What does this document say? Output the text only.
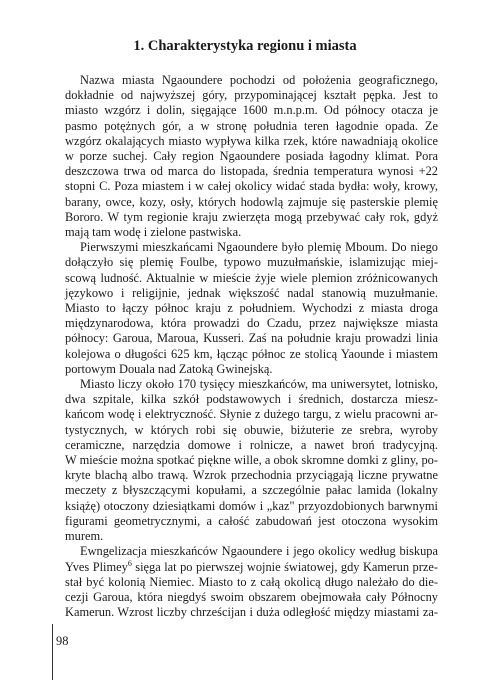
1. Charakterystyka regionu i miasta

Nazwa miasta Ngaoundere pochodzi od położenia geograficznego,
dokładnie od najwyższej góry, przypominającej kształt pępka. Jest to
miasto wzgórz i dolin, sięgające 1600 m.n.p.m. Od północy otacza je
pasmo potężnych gór, a w stronę południa teren łagodnie opada. Ze
wzgórz okalających miasto wypływa kilka rzek, które nawadniają okolice
w porze suchej. Cały region Ngaoundere posiada łagodny klimat. Pora
deszczowa trwa od marca do listopada, średnia temperatura wynosi +22
stopni C. Poza miastem i w całej okolicy widać stada bydła: woły, krowy,
barany, owce, kozy, osły, których hodowlą zajmuje się pasterskie plemię
Bororo. W tym regionie kraju zwierzęta mogą przebywać cały rok, gdyż
mają tam wodę i zielone pastwiska.

Pierwszymi mieszkańcami Ngaoundere było plemię Mboum. Do niego
dołączyło się plemię Foulbe, typowo muzułmańskie, islamizując miej-
scową ludność. Aktualnie w mieście żyje wiele plemion zróżnicowanych
językowo i religijnie, jednak większość nadal stanowią muzułmanie.
Miasto to łączy północ kraju z południem. Wychodzi z miasta droga
międzynarodowa, która prowadzi do Czadu, przez największe miasta
północy: Garoua, Maroua, Kusseri. Zaś na południe kraju prowadzi linia
kolejowa o długości 625 km, łącząc północ ze stolicą Yaounde i miastem
portowym Douala nad Zatoką Gwinejską.

Miasto liczy około 170 tysięcy mieszkańców, ma uniwersytet, lotnisko,
dwa szpitale, kilka szkół podstawowych i średnich, dostarcza miesz-
kańcom wodę i elektryczność. Słynie z dużego targu, z wielu pracowni ar-
tystycznych, w których robi się obuwie, biżuterie ze srebra, wyroby
ceramiczne, narzędzia domowe i rolnicze, a nawet broń tradycyjną.
W mieście można spotkać piękne wille, a obok skromne domki z gliny, po-
kryte blachą albo trawą. Wzrok przechodnia przyciągają liczne prywatne
meczety z błyszczącymi kopułami, a szczególnie pałac lamida (lokalny
książę) otoczony dziesiątkami domów i „kaz" przyozdobionych barwnymi
figurami geometrycznymi, a całość zabudowań jest otoczona wysokim
murem.

Ewngelizacja mieszkańców Ngaoundere i jego okolicy według biskupa
Yves Plimey$^6$ sięga lat po pierwszej wojnie światowej, gdy Kamerun prze-
stał być kolonią Niemiec. Miasto to z całą okolicą długo należało do die-
cezji Garoua, która niegdyś swoim obszarem obejmowała cały Północny
Kamerun. Wzrost liczby chrześcijan i duża odległość między miastami za-

98
